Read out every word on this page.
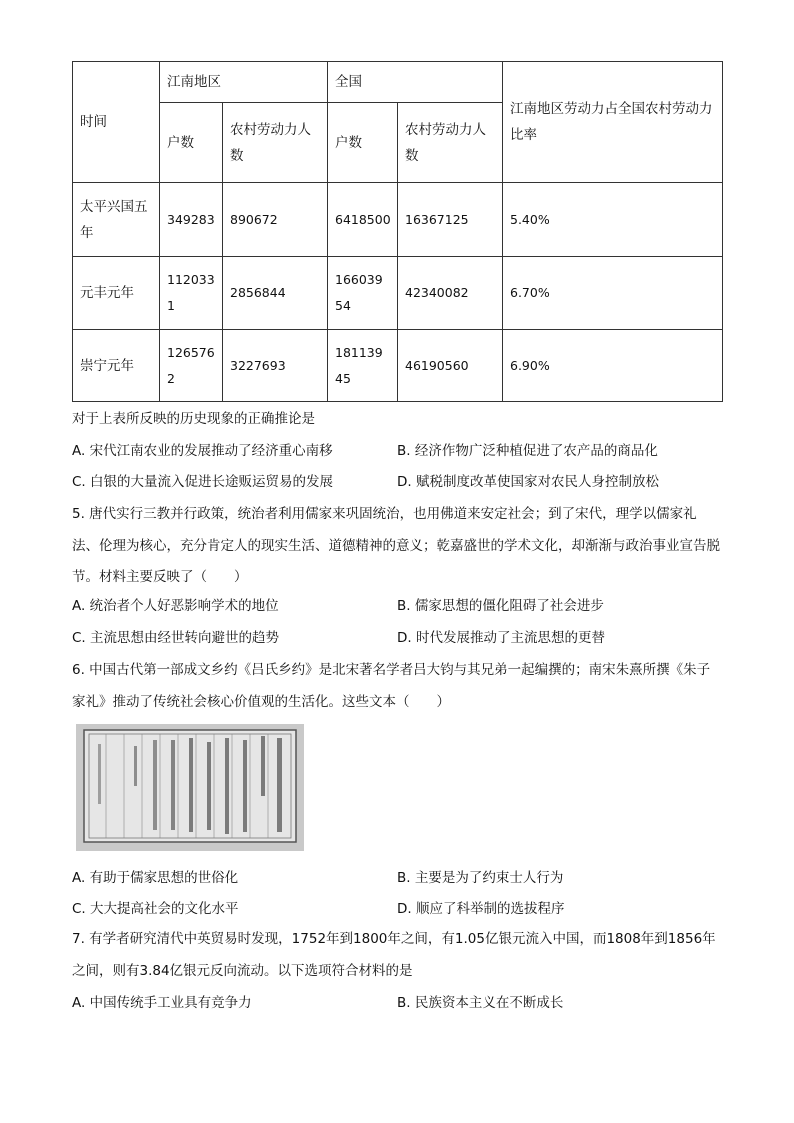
时间	江南地区		全国		江南地区劳动力占全国农村劳动力比率
	户数	农村劳动力人数	户数	农村劳动力人数	
太平兴国五年	349283	890672	6418500	16367125	5.40%
元丰元年	1120331	2856844	16603954	42340082	6.70%
崇宁元年	1265762	3227693	18113945	46190560	6.90%
对于上表所反映的历史现象的正确推论是
A. 宋代江南农业的发展推动了经济重心南移	B. 经济作物广泛种植促进了农产品的商品化
C. 白银的大量流入促进长途贩运贸易的发展	D. 赋税制度改革使国家对农民人身控制放松

5. 唐代实行三教并行政策，统治者利用儒家来巩固统治，也用佛道来安定社会；到了宋代，理学以儒家礼法、伦理为核心，充分肯定人的现实生活、道德精神的意义；乾嘉盛世的学术文化，却渐渐与政治事业宣告脱节。材料主要反映了（　　）

A. 统治者个人好恶影响学术的地位	B. 儒家思想的僵化阻碍了社会进步
C. 主流思想由经世转向避世的趋势	D. 时代发展推动了主流思想的更替

6. 中国古代第一部成文乡约《吕氏乡约》是北宋著名学者吕大钧与其兄弟一起编撰的；南宋朱熹所撰《朱子家礼》推动了传统社会核心价值观的生活化。这些文本（　　）

A. 有助于儒家思想的世俗化	B. 主要是为了约束士人行为
C. 大大提高社会的文化水平	D. 顺应了科举制的选拔程序

7. 有学者研究清代中英贸易时发现，1752年到1800年之间，有1.05亿银元流入中国，而1808年到1856年之间，则有3.84亿银元反向流动。以下选项符合材料的是

A. 中国传统手工业具有竞争力	B. 民族资本主义在不断成长
